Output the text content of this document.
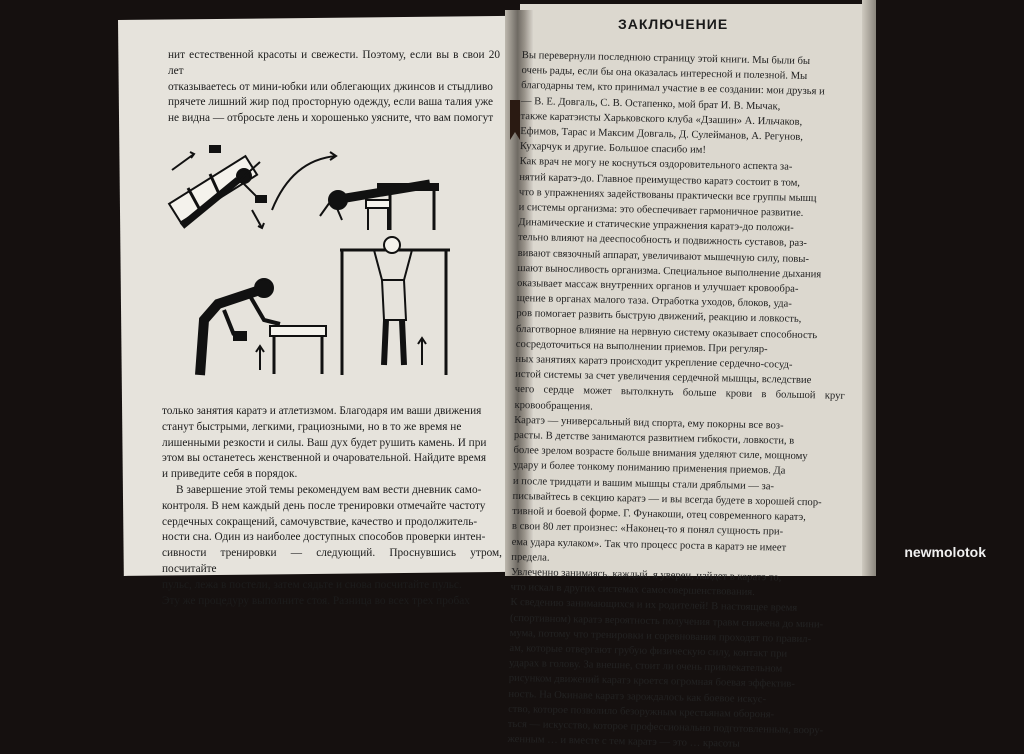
нит естественной красоты и свежести. Поэтому, если вы в свои 20 лет

отказываетесь от мини-юбки или облегающих джинсов и стыдливо

прячете лишний жир под просторную одежду, если ваша талия уже

не видна — отбросьте лень и хорошенько уясните, что вам помогут

только занятия каратэ и атлетизмом. Благодаря им ваши движения

станут быстрыми, легкими, грациозными, но в то же время не

лишенными резкости и силы. Ваш дух будет рушить камень. И при

этом вы останетесь женственной и очаровательной. Найдите время

и приведите себя в порядок.

В завершение этой темы рекомендуем вам вести дневник само-

контроля. В нем каждый день после тренировки отмечайте частоту

сердечных сокращений, самочувствие, качество и продолжитель-

ности сна. Один из наиболее доступных способов проверки интен-

сивности тренировки — следующий. Проснувшись утром, посчитайте

пульс, лежа в постели, затем сядьте и снова посчитайте пульс.

Эту же процедуру выполните стоя. Разница во всех трех пробах

ЗАКЛЮЧЕНИЕ

Вы перевернули последнюю страницу этой книги. Мы были бы

очень рады, если бы она оказалась интересной и полезной. Мы

благодарны тем, кто принимал участие в ее создании: мои друзья и

— В. Е. Довгаль, С. В. Остапенко, мой брат И. В. Мычак,

также каратэисты Харьковского клуба «Дзашин» А. Ильчаков,

Ефимов, Тарас и Максим Довгаль, Д. Сулейманов, А. Регунов,

Кухарчук и другие. Большое спасибо им!

Как врач не могу не коснуться оздоровительного аспекта за-

нятий каратэ-до. Главное преимущество каратэ состоит в том,

что в упражнениях задействованы практически все группы мышц

и системы организма: это обеспечивает гармоничное развитие.

Динамические и статические упражнения каратэ-до положи-

тельно влияют на дееспособность и подвижность суставов, раз-

вивают связочный аппарат, увеличивают мышечную силу, повы-

шают выносливость организма. Специальное выполнение дыхания

оказывает массаж внутренних органов и улучшает кровообра-

щение в органах малого таза. Отработка уходов, блоков, уда-

ров помогает развить быструю движений, реакцию и ловкость,

благотворное влияние на нервную систему оказывает способность

сосредоточиться на выполнении приемов. При регуляр-

ных занятиях каратэ происходит укрепление сердечно-сосуд-

истой системы за счет увеличения сердечной мышцы, вследствие

чего сердце может вытолкнуть больше крови в большой круг кровообращения.

Каратэ — универсальный вид спорта, ему покорны все воз-

расты. В детстве занимаются развитием гибкости, ловкости, в

более зрелом возрасте больше внимания уделяют силе, мощному

удару и более тонкому пониманию применения приемов. Да

и после тридцати и вашим мышцы стали дряблыми — за-

писывайтесь в секцию каратэ — и вы всегда будете в хорошей спор-

тивной и боевой форме. Г. Фунакоши, отец современного каратэ,

в свои 80 лет произнес: «Наконец-то я понял сущность при-

ема удара кулаком». Так что процесс роста в каратэ не имеет

предела.

Увлеченно занимаясь, каждый, я уверен, найдет в каратэ то,

что искал в других системах самосовершенствования.

К сведению занимающихся и их родителей! В настоящее время

(спортивном) каратэ вероятность получения травм снижена до мини-

мума, потому что тренировки и соревнования проходят по правил-

ам, которые отвергают грубую физическую силу, контакт при

ударах в голову. За внешне, стоит ли очень привлекательном

рисунком движений каратэ кроется огромная боевая эффектив-

ность. На Окинаве каратэ зарождалось как боевое искус-

ство, которое позволило безоружным крестьянам обороня-

ться — искусство, которое профессионально подготовленным, воору-

женным … и вместе с тем каратэ — это … красоты

newmolotok
